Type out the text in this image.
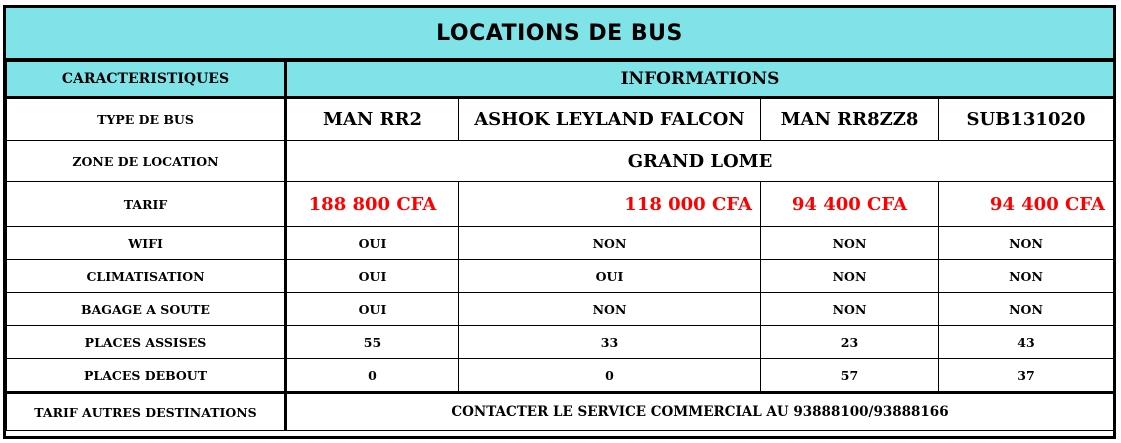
LOCATIONS DE BUS
CARACTERISTIQUES	INFORMATIONS			
TYPE DE BUS	MAN RR2	ASHOK LEYLAND FALCON	MAN RR8ZZ8	SUB131020
ZONE DE LOCATION	GRAND LOME			
TARIF	188 800 CFA	118 000 CFA	94 400 CFA	94 400 CFA
WIFI	OUI	NON	NON	NON
CLIMATISATION	OUI	OUI	NON	NON
BAGAGE A SOUTE	OUI	NON	NON	NON
PLACES ASSISES	55	33	23	43
PLACES DEBOUT	0	0	57	37
TARIF AUTRES DESTINATIONS	CONTACTER LE SERVICE COMMERCIAL AU 93888100/93888166			
